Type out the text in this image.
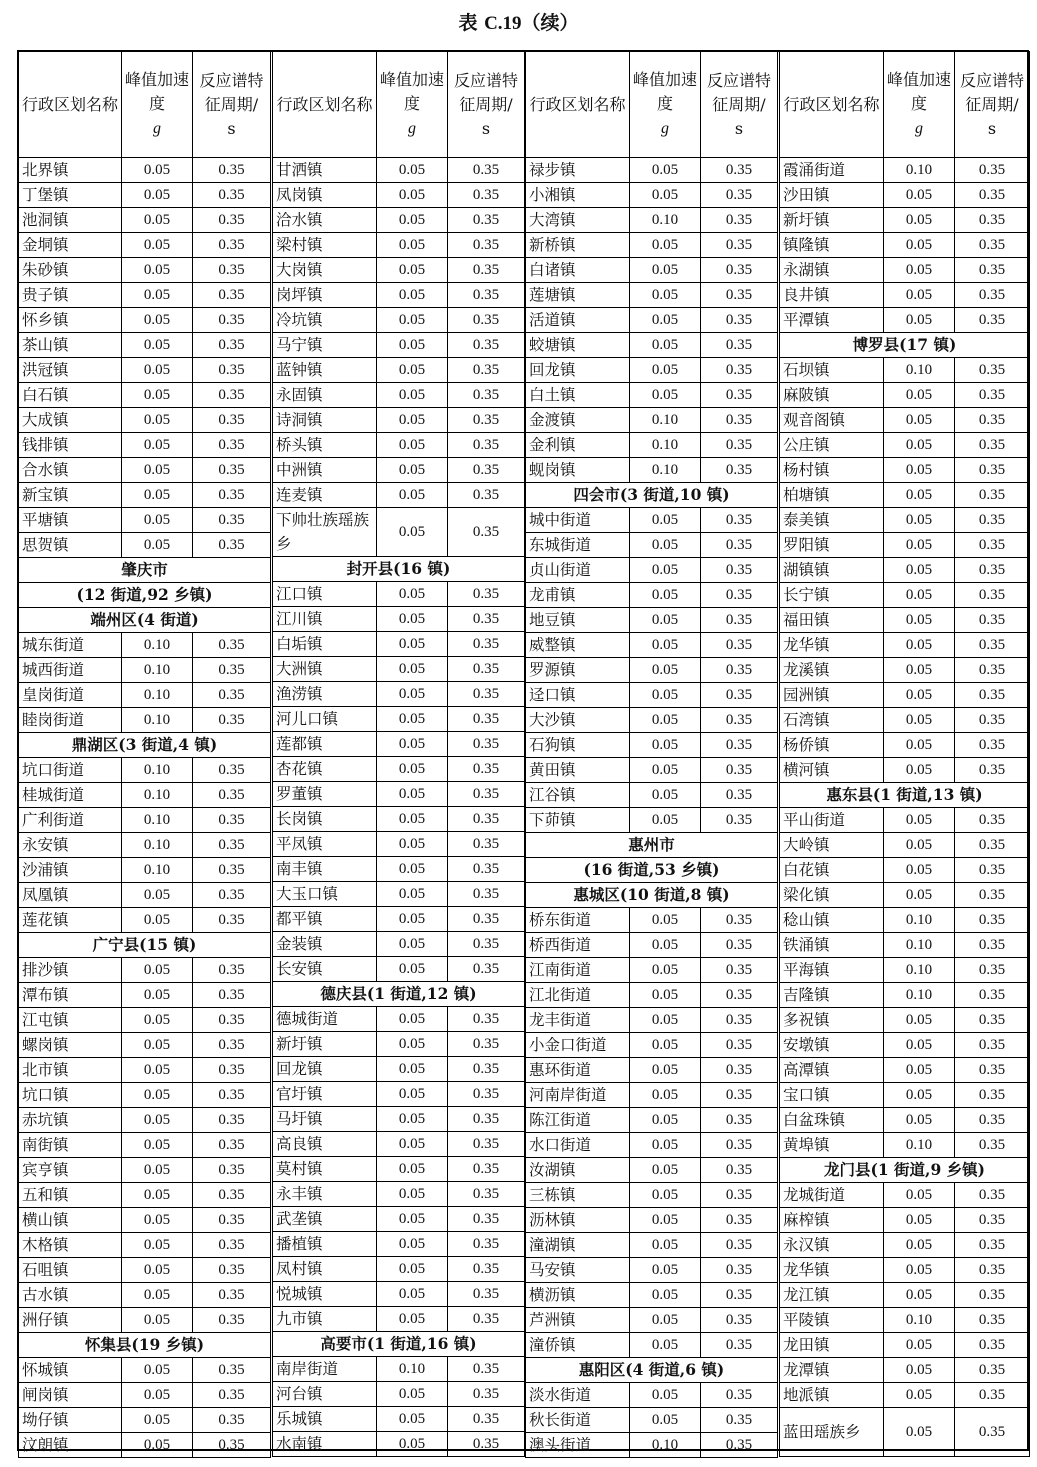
表 C.19（续）
行政区划名称	峰值加速度
g	反应谱特征周期/
s
北界镇	0.05	0.35
丁堡镇	0.05	0.35
池洞镇	0.05	0.35
金垌镇	0.05	0.35
朱砂镇	0.05	0.35
贵子镇	0.05	0.35
怀乡镇	0.05	0.35
茶山镇	0.05	0.35
洪冠镇	0.05	0.35
白石镇	0.05	0.35
大成镇	0.05	0.35
钱排镇	0.05	0.35
合水镇	0.05	0.35
新宝镇	0.05	0.35
平塘镇	0.05	0.35
思贺镇	0.05	0.35
肇庆市		
(12 街道,92 乡镇)		
端州区(4 街道)		
城东街道	0.10	0.35
城西街道	0.10	0.35
皇岗街道	0.10	0.35
睦岗街道	0.10	0.35
鼎湖区(3 街道,4 镇)		
坑口街道	0.10	0.35
桂城街道	0.10	0.35
广利街道	0.10	0.35
永安镇	0.10	0.35
沙浦镇	0.10	0.35
凤凰镇	0.05	0.35
莲花镇	0.05	0.35
广宁县(15 镇)		
排沙镇	0.05	0.35
潭布镇	0.05	0.35
江屯镇	0.05	0.35
螺岗镇	0.05	0.35
北市镇	0.05	0.35
坑口镇	0.05	0.35
赤坑镇	0.05	0.35
南街镇	0.05	0.35
宾亨镇	0.05	0.35
五和镇	0.05	0.35
横山镇	0.05	0.35
木格镇	0.05	0.35
石咀镇	0.05	0.35
古水镇	0.05	0.35
洲仔镇	0.05	0.35
怀集县(19 乡镇)		
怀城镇	0.05	0.35
闸岗镇	0.05	0.35
坳仔镇	0.05	0.35
汶朗镇	0.05	0.35
行政区划名称	峰值加速度
g	反应谱特征周期/
s
甘洒镇	0.05	0.35
凤岗镇	0.05	0.35
洽水镇	0.05	0.35
梁村镇	0.05	0.35
大岗镇	0.05	0.35
岗坪镇	0.05	0.35
冷坑镇	0.05	0.35
马宁镇	0.05	0.35
蓝钟镇	0.05	0.35
永固镇	0.05	0.35
诗洞镇	0.05	0.35
桥头镇	0.05	0.35
中洲镇	0.05	0.35
连麦镇	0.05	0.35
下帅壮族瑶族乡	0.05	0.35
封开县(16 镇)		
江口镇	0.05	0.35
江川镇	0.05	0.35
白垢镇	0.05	0.35
大洲镇	0.05	0.35
渔涝镇	0.05	0.35
河儿口镇	0.05	0.35
莲都镇	0.05	0.35
杏花镇	0.05	0.35
罗董镇	0.05	0.35
长岗镇	0.05	0.35
平凤镇	0.05	0.35
南丰镇	0.05	0.35
大玉口镇	0.05	0.35
都平镇	0.05	0.35
金装镇	0.05	0.35
长安镇	0.05	0.35
德庆县(1 街道,12 镇)		
德城街道	0.05	0.35
新圩镇	0.05	0.35
回龙镇	0.05	0.35
官圩镇	0.05	0.35
马圩镇	0.05	0.35
高良镇	0.05	0.35
莫村镇	0.05	0.35
永丰镇	0.05	0.35
武垄镇	0.05	0.35
播植镇	0.05	0.35
凤村镇	0.05	0.35
悦城镇	0.05	0.35
九市镇	0.05	0.35
高要市(1 街道,16 镇)		
南岸街道	0.10	0.35
河台镇	0.05	0.35
乐城镇	0.05	0.35
水南镇	0.05	0.35
行政区划名称	峰值加速度
g	反应谱特征周期/
s
禄步镇	0.05	0.35
小湘镇	0.05	0.35
大湾镇	0.10	0.35
新桥镇	0.05	0.35
白诸镇	0.05	0.35
莲塘镇	0.05	0.35
活道镇	0.05	0.35
蛟塘镇	0.05	0.35
回龙镇	0.05	0.35
白土镇	0.05	0.35
金渡镇	0.10	0.35
金利镇	0.10	0.35
蚬岗镇	0.10	0.35
四会市(3 街道,10 镇)		
城中街道	0.05	0.35
东城街道	0.05	0.35
贞山街道	0.05	0.35
龙甫镇	0.05	0.35
地豆镇	0.05	0.35
威整镇	0.05	0.35
罗源镇	0.05	0.35
迳口镇	0.05	0.35
大沙镇	0.05	0.35
石狗镇	0.05	0.35
黄田镇	0.05	0.35
江谷镇	0.05	0.35
下茆镇	0.05	0.35
惠州市		
(16 街道,53 乡镇)		
惠城区(10 街道,8 镇)		
桥东街道	0.05	0.35
桥西街道	0.05	0.35
江南街道	0.05	0.35
江北街道	0.05	0.35
龙丰街道	0.05	0.35
小金口街道	0.05	0.35
惠环街道	0.05	0.35
河南岸街道	0.05	0.35
陈江街道	0.05	0.35
水口街道	0.05	0.35
汝湖镇	0.05	0.35
三栋镇	0.05	0.35
沥林镇	0.05	0.35
潼湖镇	0.05	0.35
马安镇	0.05	0.35
横沥镇	0.05	0.35
芦洲镇	0.05	0.35
潼侨镇	0.05	0.35
惠阳区(4 街道,6 镇)		
淡水街道	0.05	0.35
秋长街道	0.05	0.35
澳头街道	0.10	0.35
行政区划名称	峰值加速度
g	反应谱特征周期/
s
霞涌街道	0.10	0.35
沙田镇	0.05	0.35
新圩镇	0.05	0.35
镇隆镇	0.05	0.35
永湖镇	0.05	0.35
良井镇	0.05	0.35
平潭镇	0.05	0.35
博罗县(17 镇)		
石坝镇	0.10	0.35
麻陂镇	0.05	0.35
观音阁镇	0.05	0.35
公庄镇	0.05	0.35
杨村镇	0.05	0.35
柏塘镇	0.05	0.35
泰美镇	0.05	0.35
罗阳镇	0.05	0.35
湖镇镇	0.05	0.35
长宁镇	0.05	0.35
福田镇	0.05	0.35
龙华镇	0.05	0.35
龙溪镇	0.05	0.35
园洲镇	0.05	0.35
石湾镇	0.05	0.35
杨侨镇	0.05	0.35
横河镇	0.05	0.35
惠东县(1 街道,13 镇)		
平山街道	0.05	0.35
大岭镇	0.05	0.35
白花镇	0.05	0.35
梁化镇	0.05	0.35
稔山镇	0.10	0.35
铁涌镇	0.10	0.35
平海镇	0.10	0.35
吉隆镇	0.10	0.35
多祝镇	0.05	0.35
安墩镇	0.05	0.35
高潭镇	0.05	0.35
宝口镇	0.05	0.35
白盆珠镇	0.05	0.35
黄埠镇	0.10	0.35
龙门县(1 街道,9 乡镇)		
龙城街道	0.05	0.35
麻榨镇	0.05	0.35
永汉镇	0.05	0.35
龙华镇	0.05	0.35
龙江镇	0.05	0.35
平陵镇	0.10	0.35
龙田镇	0.05	0.35
龙潭镇	0.05	0.35
地派镇	0.05	0.35
蓝田瑶族乡	0.05	0.35
